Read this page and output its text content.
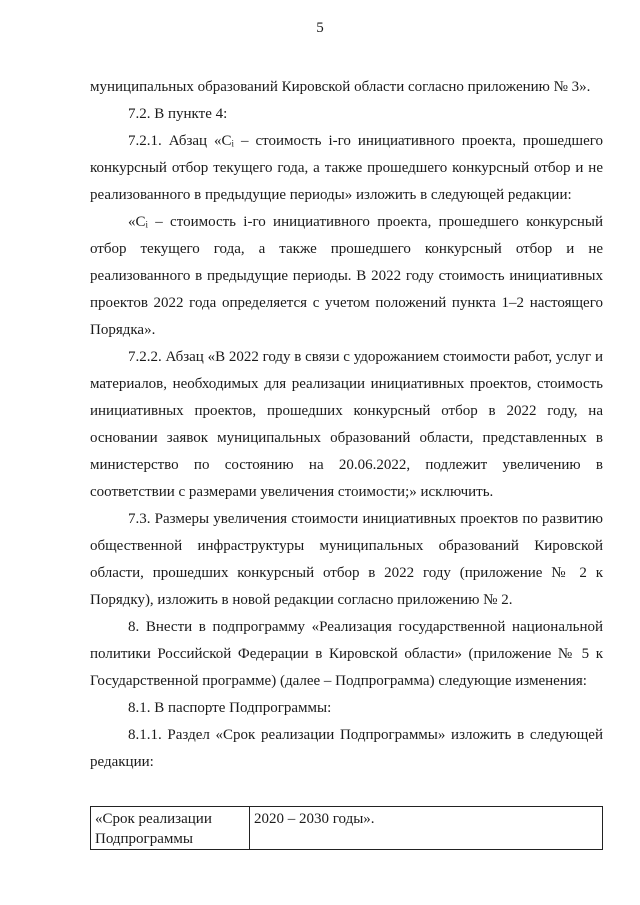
5

муниципальных образований Кировской области согласно приложению № 3».

7.2. В пункте 4:

7.2.1. Абзац «Cᵢ – стоимость i-го инициативного проекта, прошедшего конкурсный отбор текущего года, а также прошедшего конкурсный отбор и не реализованного в предыдущие периоды» изложить в следующей редакции:

«Cᵢ – стоимость i-го инициативного проекта, прошедшего конкурсный отбор текущего года, а также прошедшего конкурсный отбор и не реализованного в предыдущие периоды. В 2022 году стоимость инициативных проектов 2022 года определяется с учетом положений пункта 1–2 настоящего Порядка».

7.2.2. Абзац «В 2022 году в связи с удорожанием стоимости работ, услуг и материалов, необходимых для реализации инициативных проектов, стоимость инициативных проектов, прошедших конкурсный отбор в 2022 году, на основании заявок муниципальных образований области, представленных в министерство по состоянию на 20.06.2022, подлежит увеличению в соответствии с размерами увеличения стоимости;» исключить.

7.3. Размеры увеличения стоимости инициативных проектов по развитию общественной инфраструктуры муниципальных образований Кировской области, прошедших конкурсный отбор в 2022 году (приложение № 2 к Порядку), изложить в новой редакции согласно приложению № 2.

8. Внести в подпрограмму «Реализация государственной национальной политики Российской Федерации в Кировской области» (приложение № 5 к Государственной программе) (далее – Подпрограмма) следующие изменения:

8.1. В паспорте Подпрограммы:

8.1.1. Раздел «Срок реализации Подпрограммы» изложить в следующей редакции:

«Срок реализации Подпрограммы	2020 – 2030 годы».
